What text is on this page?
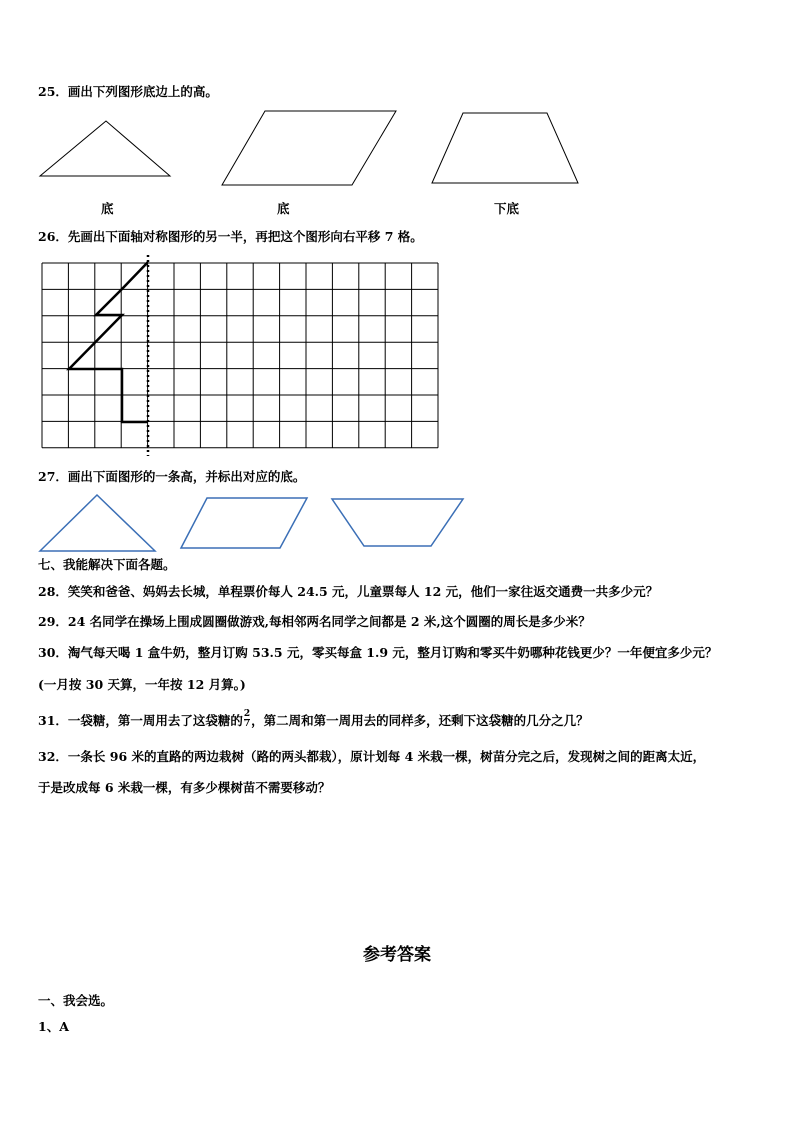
25．画出下列图形底边上的高。
底	底	下底
26．先画出下面轴对称图形的另一半，再把这个图形向右平移 7 格。
27．画出下面图形的一条高，并标出对应的底。
七、我能解决下面各题。
28．笑笑和爸爸、妈妈去长城，单程票价每人 24.5 元，儿童票每人 12 元，他们一家往返交通费一共多少元？
29．24 名同学在操场上围成圆圈做游戏,每相邻两名同学之间都是 2 米,这个圆圈的周长是多少米？
30．淘气每天喝 1 盒牛奶，整月订购 53.5 元，零买每盒 1.9 元，整月订购和零买牛奶哪种花钱更少？一年便宜多少元？
(一月按 30 天算，一年按 12 月算。)
31．一袋糖，第一周用去了这袋糖的 $\frac{2}{7}$ ，第二周和第一周用去的同样多，还剩下这袋糖的几分之几？
32．一条长 96 米的直路的两边栽树（路的两头都栽），原计划每 4 米栽一棵，树苗分完之后，发现树之间的距离太近，
于是改成每 6 米栽一棵，有多少棵树苗不需要移动？
参考答案
一、我会选。
1、A
